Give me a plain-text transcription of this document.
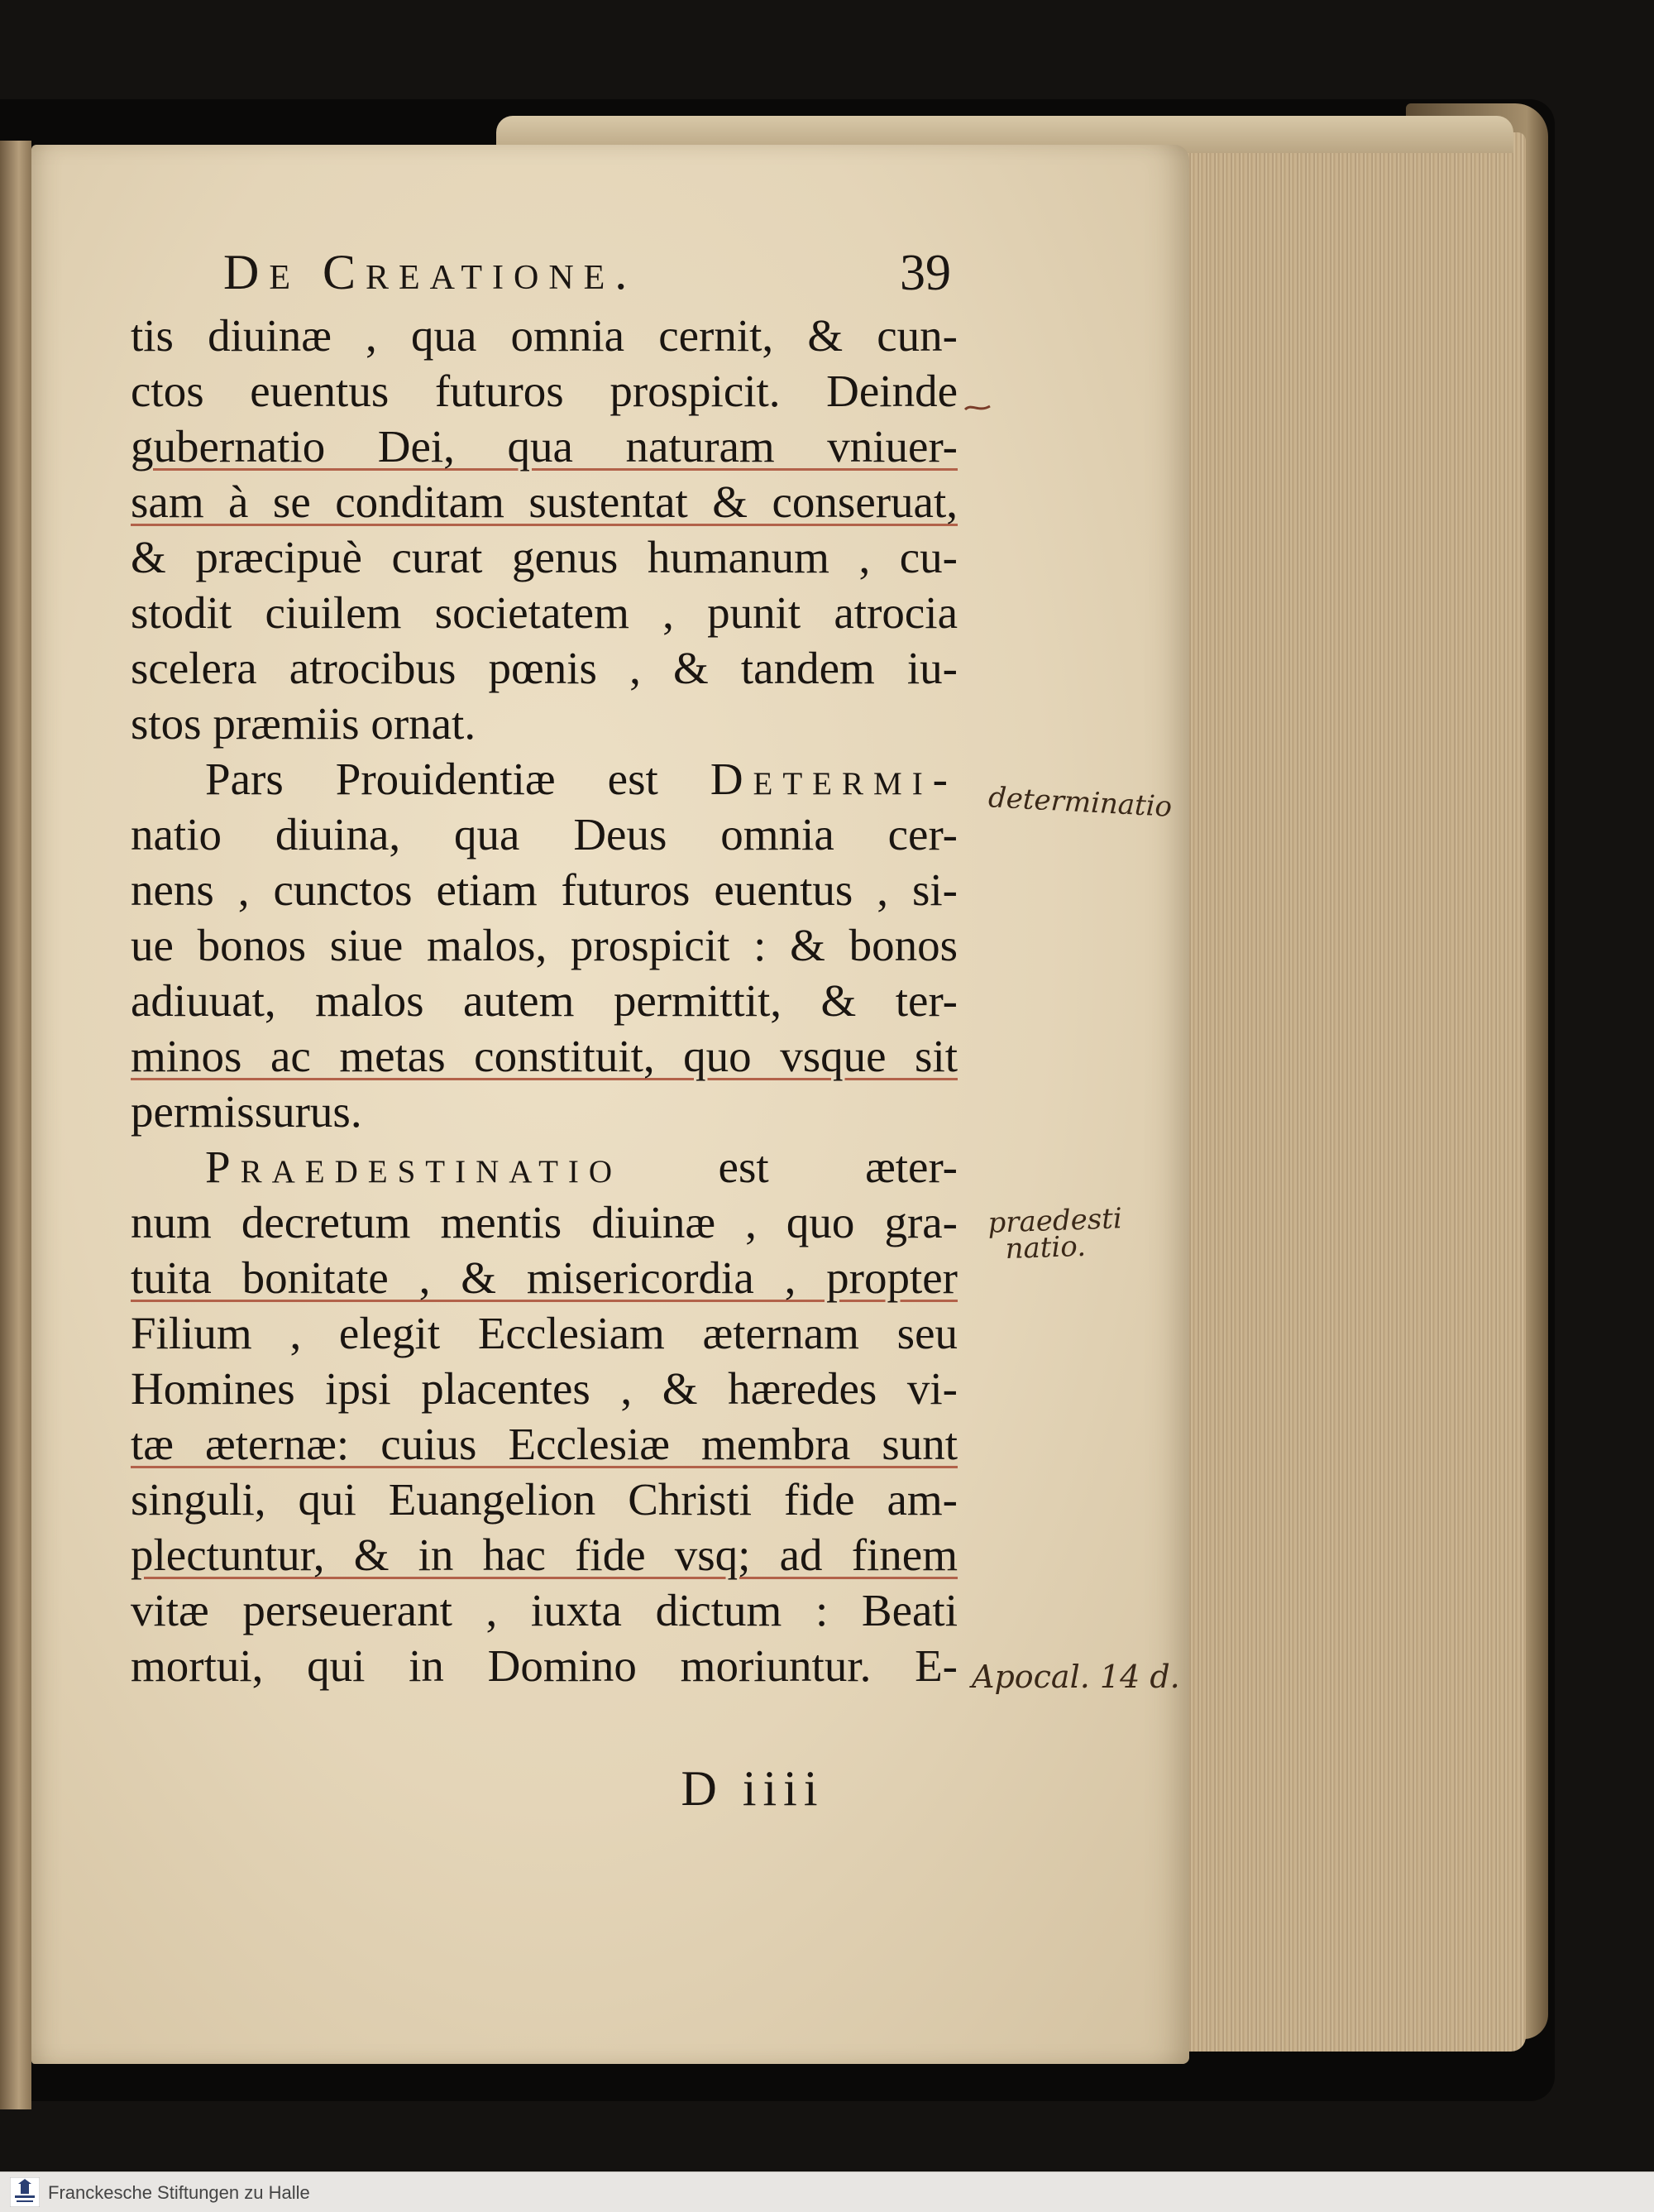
De Creatione.	39
tis diuinæ , qua omnia cernit, & cun-
ctos euentus futuros prospicit. Deinde
gubernatio Dei, qua naturam vniuer-
sam à se conditam sustentat & conseruat,
& præcipuè curat genus humanum , cu-
stodit ciuilem societatem , punit atrocia
scelera atrocibus pœnis , & tandem iu-
stos præmiis ornat.
Pars Prouidentiæ est Determi-
natio diuina, qua Deus omnia cer-
nens , cunctos etiam futuros euentus , si-
ue bonos siue malos, prospicit : & bonos
adiuuat, malos autem permittit, & ter-
minos ac metas constituit, quo vsque sit
permissurus.
Praedestinatio est æter-
num decretum mentis diuinæ , quo gra-
tuita bonitate , & misericordia , propter
Filium , elegit Ecclesiam æternam seu
Homines ipsi placentes , & hæredes vi-
tæ æternæ: cuius Ecclesiæ membra sunt
singuli, qui Euangelion Christi fide am-
plectuntur, & in hac fide vsq; ad finem
vitæ perseuerant , iuxta dictum : Beati
mortui, qui in Domino moriuntur. E-
D iiii
determinatio
praedesti
natio.
Apocal. 14 d.
Franckesche Stiftungen zu Halle
